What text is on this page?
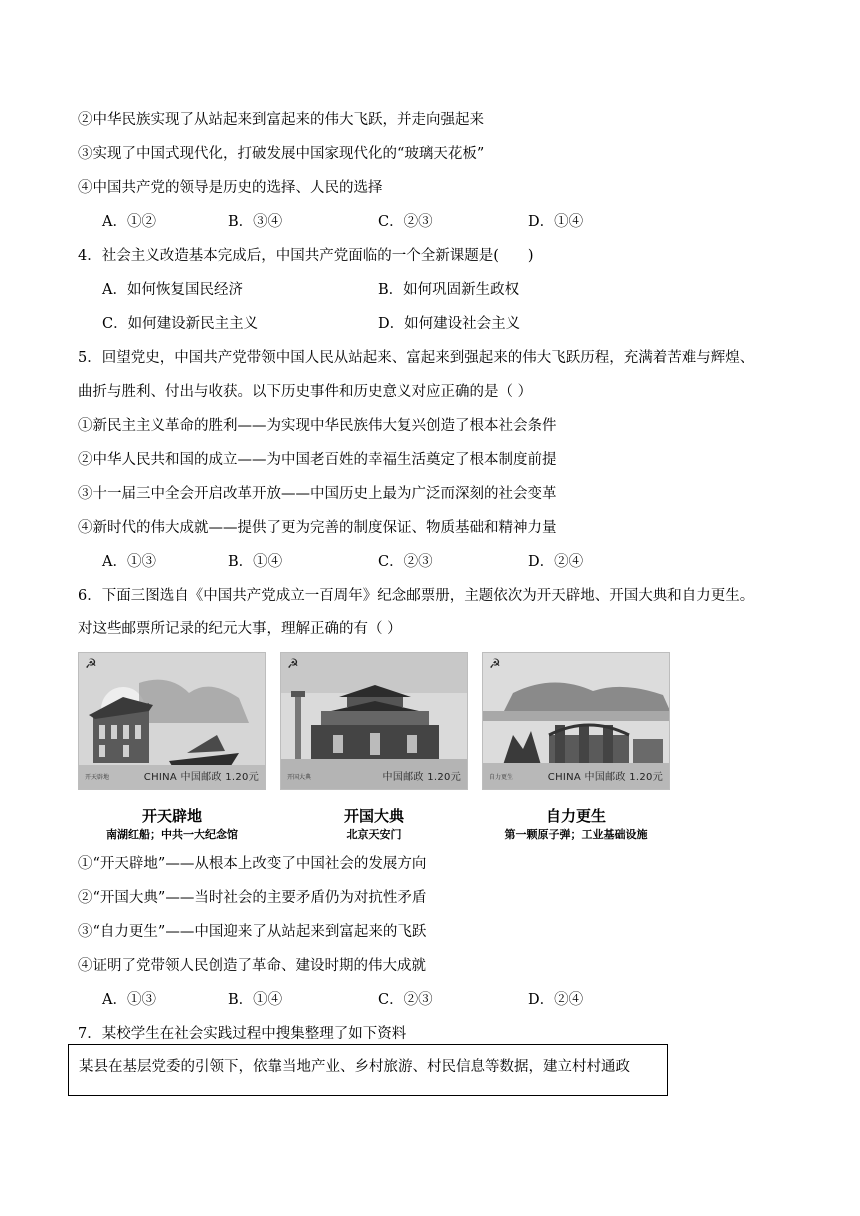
②中华民族实现了从站起来到富起来的伟大飞跃，并走向强起来
③实现了中国式现代化，打破发展中国家现代化的“玻璃天花板”
④中国共产党的领导是历史的选择、人民的选择
A．①②	B．③④	C．②③	D．①④
4．社会主义改造基本完成后，中国共产党面临的一个全新课题是(　　)
A．如何恢复国民经济	B．如何巩固新生政权
C．如何建设新民主主义	D．如何建设社会主义
5．回望党史，中国共产党带领中国人民从站起来、富起来到强起来的伟大飞跃历程，充满着苦难与辉煌、
曲折与胜利、付出与收获。以下历史事件和历史意义对应正确的是（ ）
①新民主主义革命的胜利——为实现中华民族伟大复兴创造了根本社会条件
②中华人民共和国的成立——为中国老百姓的幸福生活奠定了根本制度前提
③十一届三中全会开启改革开放——中国历史上最为广泛而深刻的社会变革
④新时代的伟大成就——提供了更为完善的制度保证、物质基础和精神力量
A．①③	B．①④	C．②③	D．②④
6．下面三图选自《中国共产党成立一百周年》纪念邮票册，主题依次为开天辟地、开国大典和自力更生。
对这些邮票所记录的纪元大事，理解正确的有（ ）
☭
开天辟地	CHINA 中国邮政 1.20元
☭
开国大典	中国邮政 1.20元
☭
自力更生	CHINA 中国邮政 1.20元
开天辟地
南湖红船；中共一大纪念馆
开国大典
北京天安门
自力更生
第一颗原子弹；工业基础设施
①“开天辟地”——从根本上改变了中国社会的发展方向
②“开国大典”——当时社会的主要矛盾仍为对抗性矛盾
③“自力更生”——中国迎来了从站起来到富起来的飞跃
④证明了党带领人民创造了革命、建设时期的伟大成就
A．①③	B．①④	C．②③	D．②④
7．某校学生在社会实践过程中搜集整理了如下资料
某县在基层党委的引领下，依靠当地产业、乡村旅游、村民信息等数据，建立村村通政
